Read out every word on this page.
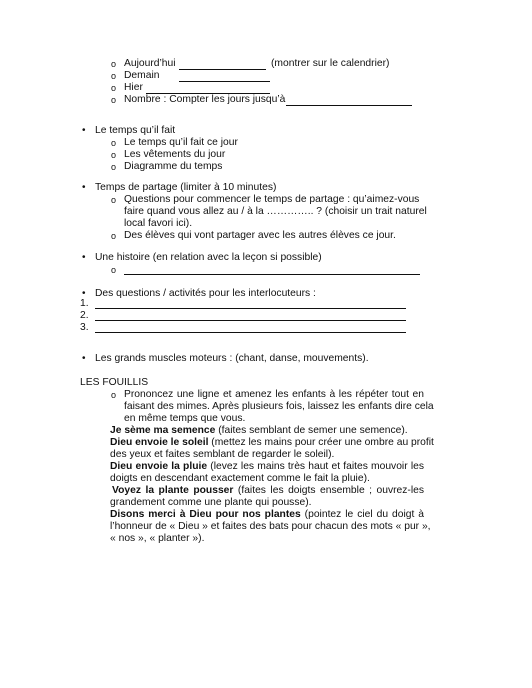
o Aujourd’hui	(montrer sur le calendrier)
o Demain
o Hier
o Nombre : Compter les jours jusqu’à
• Le temps qu’il fait
o Le temps qu’il fait ce jour
o Les vêtements du jour
o Diagramme du temps
• Temps de partage (limiter à 10 minutes)
o Questions pour commencer le temps de partage : qu’aimez-vous
faire quand vous allez au / à la ………….. ? (choisir un trait naturel
local favori ici).
o Des élèves qui vont partager avec les autres élèves ce jour.
• Une histoire (en relation avec la leçon si possible)
o
• Des questions / activités pour les interlocuteurs :
1.
2.
3.
• Les grands muscles moteurs : (chant, danse, mouvements).
LES FOUILLIS
o Prononcez une ligne et amenez les enfants à les répéter tout en
faisant des mimes. Après plusieurs fois, laissez les enfants dire cela
en même temps que vous.
Je sème ma semence (faites semblant de semer une semence).
Dieu envoie le soleil (mettez les mains pour créer une ombre au profit
des yeux et faites semblant de regarder le soleil).
Dieu envoie la pluie (levez les mains très haut et faites mouvoir les
doigts en descendant exactement comme le fait la pluie).
Voyez la plante pousser (faites les doigts ensemble ; ouvrez-les
grandement comme une plante qui pousse).
Disons merci à Dieu pour nos plantes (pointez le ciel du doigt à
l’honneur de « Dieu » et faites des bats pour chacun des mots « pur »,
« nos », « planter »).
